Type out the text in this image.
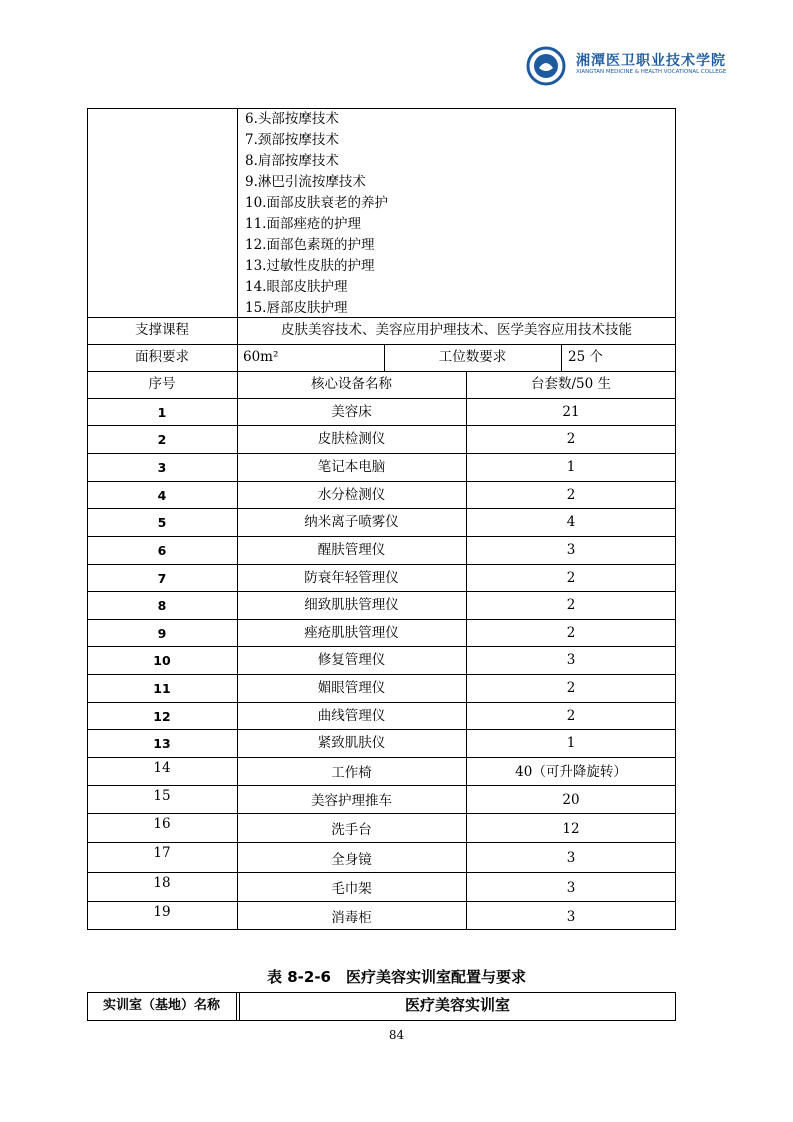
湘潭医卫职业技术学院
XIANGTAN MEDICINE & HEALTH VOCATIONAL COLLEGE
6.头部按摩技术
7.颈部按摩技术
8.肩部按摩技术
9.淋巴引流按摩技术
10.面部皮肤衰老的养护
11.面部痤疮的护理
12.面部色素斑的护理
13.过敏性皮肤的护理
14.眼部皮肤护理
15.唇部皮肤护理
支撑课程	皮肤美容技术、美容应用护理技术、医学美容应用技术技能
面积要求	60m²	工位数要求	25 个
序号	核心设备名称	台套数/50 生
1	美容床	21
2	皮肤检测仪	2
3	笔记本电脑	1
4	水分检测仪	2
5	纳米离子喷雾仪	4
6	醒肤管理仪	3
7	防衰年轻管理仪	2
8	细致肌肤管理仪	2
9	痤疮肌肤管理仪	2
10	修复管理仪	3
11	媚眼管理仪	2
12	曲线管理仪	2
13	紧致肌肤仪	1
14	工作椅	40（可升降旋转）
15	美容护理推车	20
16	洗手台	12
17	全身镜	3
18	毛巾架	3
19	消毒柜	3
表 8-2-6　医疗美容实训室配置与要求
实训室（基地）名称	医疗美容实训室
84
